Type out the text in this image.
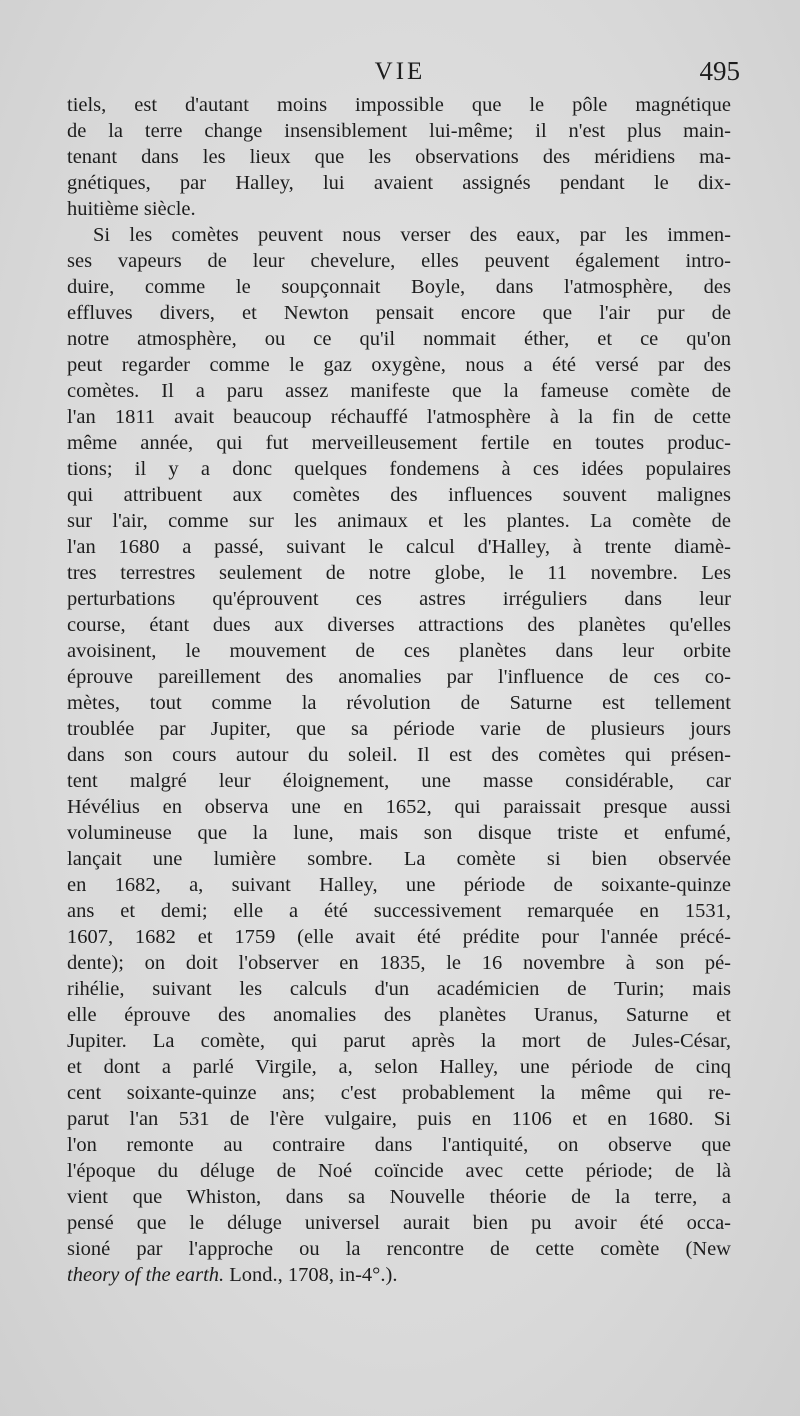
VIE	495
tiels, est d'autant moins impossible que le pôle magnétique
de la terre change insensiblement lui-même; il n'est plus main-
tenant dans les lieux que les observations des méridiens ma-
gnétiques, par Halley, lui avaient assignés pendant le dix-
huitième siècle.
Si les comètes peuvent nous verser des eaux, par les immen-
ses vapeurs de leur chevelure, elles peuvent également intro-
duire, comme le soupçonnait Boyle, dans l'atmosphère, des
effluves divers, et Newton pensait encore que l'air pur de
notre atmosphère, ou ce qu'il nommait éther, et ce qu'on
peut regarder comme le gaz oxygène, nous a été versé par des
comètes. Il a paru assez manifeste que la fameuse comète de
l'an 1811 avait beaucoup réchauffé l'atmosphère à la fin de cette
même année, qui fut merveilleusement fertile en toutes produc-
tions; il y a donc quelques fondemens à ces idées populaires
qui attribuent aux comètes des influences souvent malignes
sur l'air, comme sur les animaux et les plantes. La comète de
l'an 1680 a passé, suivant le calcul d'Halley, à trente diamè-
tres terrestres seulement de notre globe, le 11 novembre. Les
perturbations qu'éprouvent ces astres irréguliers dans leur
course, étant dues aux diverses attractions des planètes qu'elles
avoisinent, le mouvement de ces planètes dans leur orbite
éprouve pareillement des anomalies par l'influence de ces co-
mètes, tout comme la révolution de Saturne est tellement
troublée par Jupiter, que sa période varie de plusieurs jours
dans son cours autour du soleil. Il est des comètes qui présen-
tent malgré leur éloignement, une masse considérable, car
Hévélius en observa une en 1652, qui paraissait presque aussi
volumineuse que la lune, mais son disque triste et enfumé,
lançait une lumière sombre. La comète si bien observée
en 1682, a, suivant Halley, une période de soixante-quinze
ans et demi; elle a été successivement remarquée en 1531,
1607, 1682 et 1759 (elle avait été prédite pour l'année précé-
dente); on doit l'observer en 1835, le 16 novembre à son pé-
rihélie, suivant les calculs d'un académicien de Turin; mais
elle éprouve des anomalies des planètes Uranus, Saturne et
Jupiter. La comète, qui parut après la mort de Jules-César,
et dont a parlé Virgile, a, selon Halley, une période de cinq
cent soixante-quinze ans; c'est probablement la même qui re-
parut l'an 531 de l'ère vulgaire, puis en 1106 et en 1680. Si
l'on remonte au contraire dans l'antiquité, on observe que
l'époque du déluge de Noé coïncide avec cette période; de là
vient que Whiston, dans sa Nouvelle théorie de la terre, a
pensé que le déluge universel aurait bien pu avoir été occa-
sioné par l'approche ou la rencontre de cette comète (New
theory of the earth. Lond., 1708, in-4°.).
